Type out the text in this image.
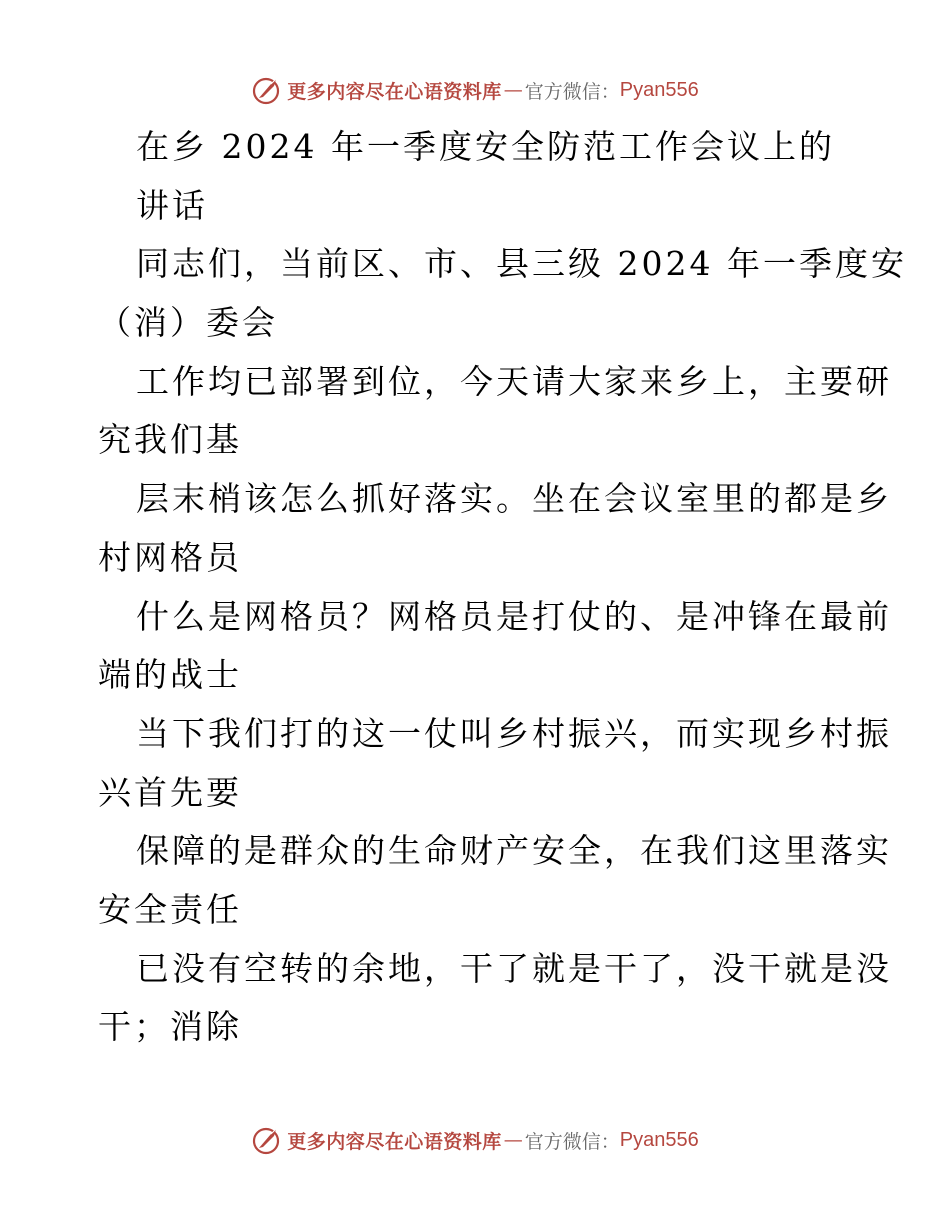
更多内容尽在心语资料库 — 官方微信： Pyan556
在乡 2024 年一季度安全防范工作会议上的
讲话
同志们，当前区、市、县三级 2024 年一季度安
（消）委会
工作均已部署到位，今天请大家来乡上，主要研
究我们基
层末梢该怎么抓好落实。坐在会议室里的都是乡
村网格员
什么是网格员？网格员是打仗的、是冲锋在最前
端的战士
当下我们打的这一仗叫乡村振兴，而实现乡村振
兴首先要
保障的是群众的生命财产安全，在我们这里落实
安全责任
已没有空转的余地，干了就是干了，没干就是没
干；消除
更多内容尽在心语资料库 — 官方微信： Pyan556
